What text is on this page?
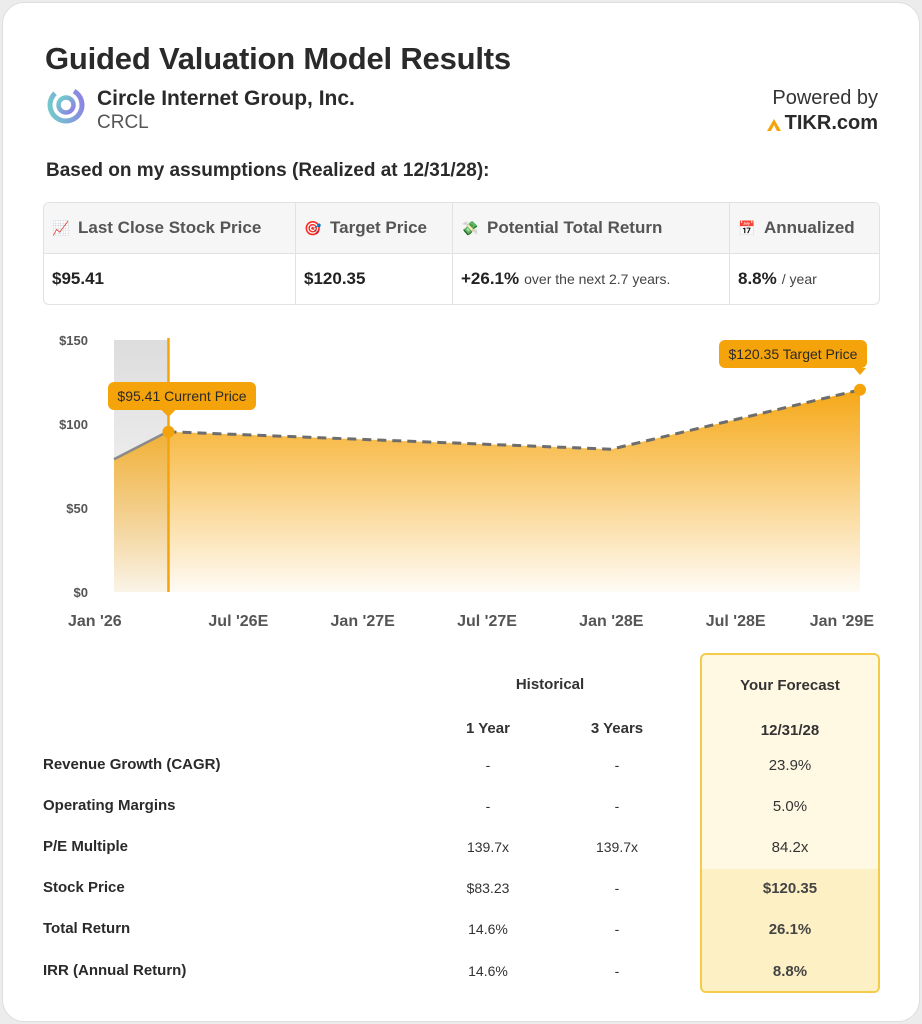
Guided Valuation Model Results
Circle Internet Group, Inc.
CRCL
Powered by
TIKR.com
Based on my assumptions (Realized at 12/31/28):
📈 Last Close Stock Price
$95.41
🎯 Target Price
$120.35
💸 Potential Total Return
+26.1% over the next 2.7 years.
📅 Annualized
8.8% / year
$150
$100
$50
$0
Jan '26	Jul '26E	Jan '27E	Jul '27E	Jan '28E	Jul '28E	Jan '29E
$95.41 Current Price
$120.35 Target Price
Historical
1 Year	3 Years
Your Forecast
12/31/28
Revenue Growth (CAGR)	-	-	23.9%
Operating Margins	-	-	5.0%
P/E Multiple	139.7x	139.7x	84.2x
Stock Price	$83.23	-	$120.35
Total Return	14.6%	-	26.1%
IRR (Annual Return)	14.6%	-	8.8%
